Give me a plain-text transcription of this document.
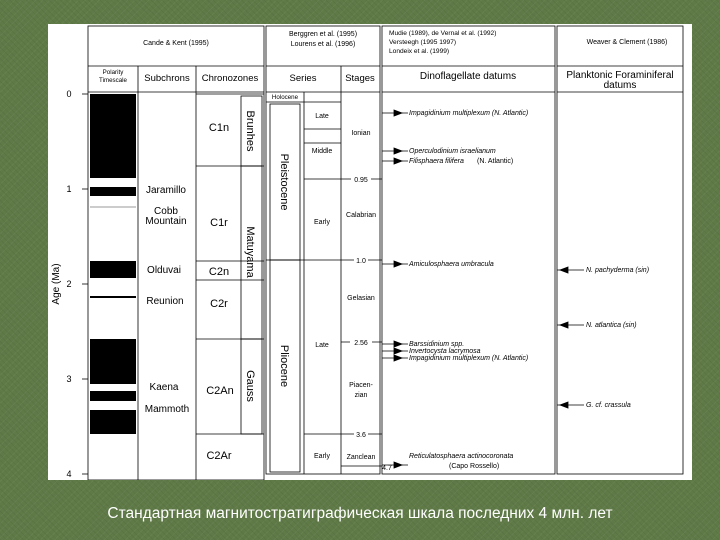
Cande & Kent (1995)
Berggren et al. (1995)
Lourens et al. (1996)	Weaver & Clement (1986)
Mudie (1989), de Vernal et al. (1992)
Versteegh (1995 1997)
Londeix et al. (1999)
Polarity
Timescale Subchrons Chronozones	Series	Stages	Dinoflagellate datums	Planktonic Foraminiferal
datums
0
1
2
3
4
Age (Ma)
Jaramillo
Cobb
Mountain
Olduvai
Reunion
Kaena
Mammoth
C1n
C1r
C2n
C2r
C2An
C2Ar
Brunhes
Matuyama
Gauss
Holocene
Pleistocene
Pliocene
Late
Middle
Early
Late
Early
Ionian
Calabrian
Gelasian
Piacen-
zian
Zanclean
0.95
1.0
2.56
3.6
4.7
Impagidinium multiplexum (N. Atlantic)
Operculodinium israelianum
Filisphaera filifera (N. Atlantic)
Amiculosphaera umbracula
Barssidinium spp.
Invertocysta lacrymosa
Impagidinium multiplexum (N. Atlantic)
Reticulatosphaera actinocoronata
(Capo Rossello)
N. pachyderma (sin)
N. atlantica (sin)
G. cf. crassula
Стандартная магнитостратиграфическая шкала последних 4 млн. лет
